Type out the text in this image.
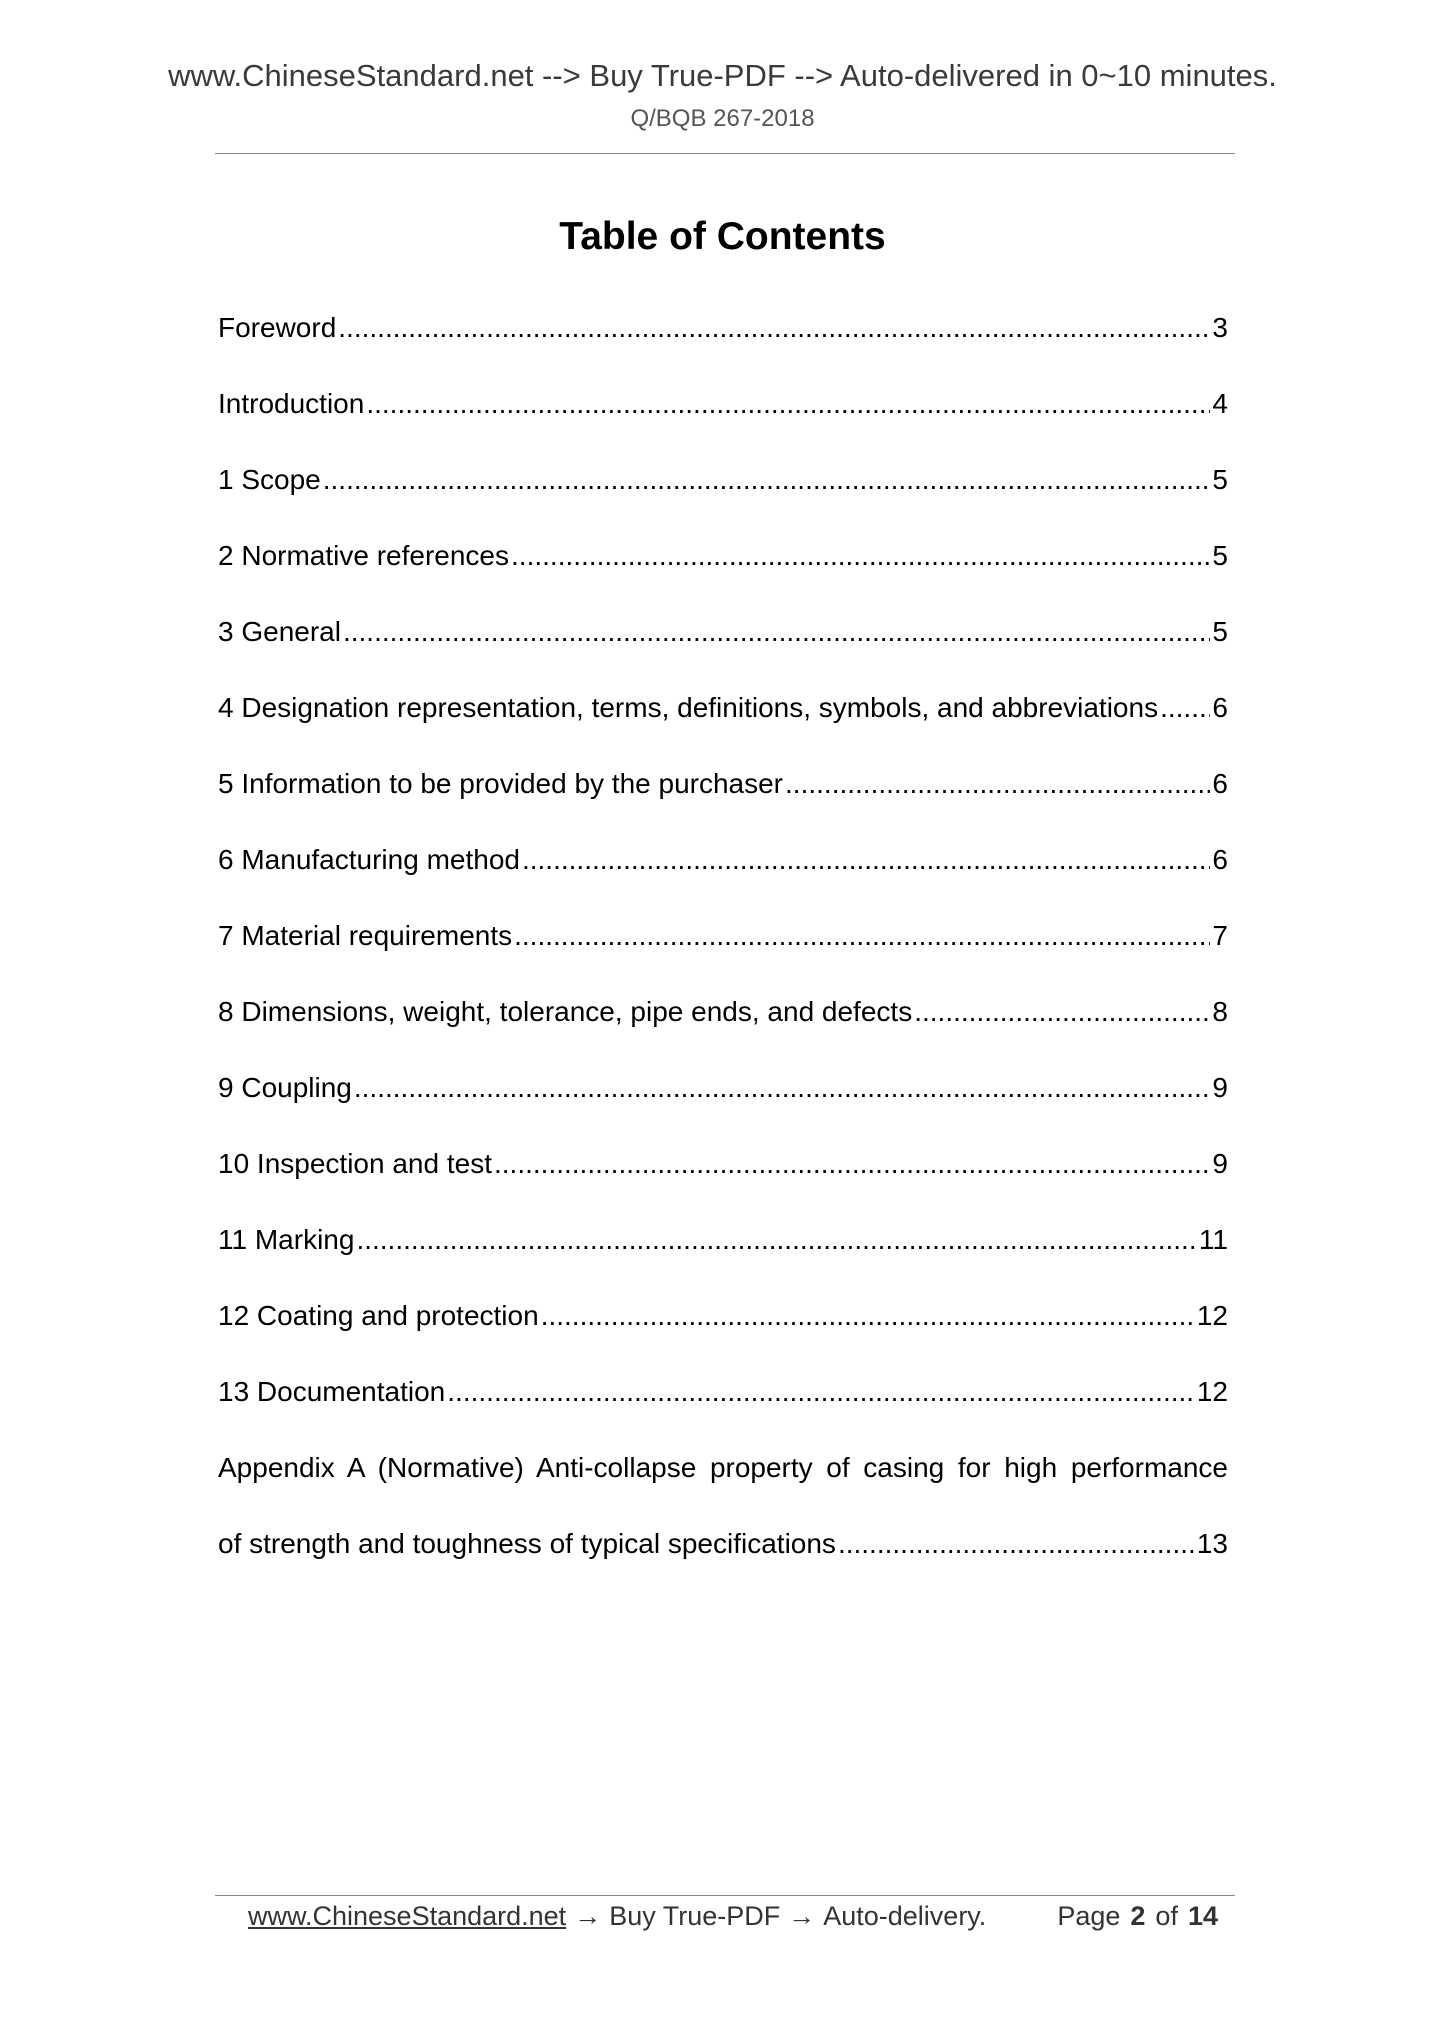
www.ChineseStandard.net --> Buy True-PDF --> Auto-delivered in 0~10 minutes.
Q/BQB 267-2018
Table of Contents
Foreword .....	3
Introduction .....	4
1 Scope .....	5
2 Normative references .....	5
3 General .....	5
4 Designation representation, terms, definitions, symbols, and abbreviations ..... 6
5 Information to be provided by the purchaser .....	6
6 Manufacturing method .....	6
7 Material requirements .....	7
8 Dimensions, weight, tolerance, pipe ends, and defects .....	8
9 Coupling .....	9
10 Inspection and test .....	9
11 Marking .....	11
12 Coating and protection .....	12
13 Documentation .....	12
Appendix A (Normative) Anti-collapse property of casing for high performance
of strength and toughness of typical specifications .....	13
www.ChineseStandard.net → Buy True-PDF → Auto-delivery.	Page 2 of 14
